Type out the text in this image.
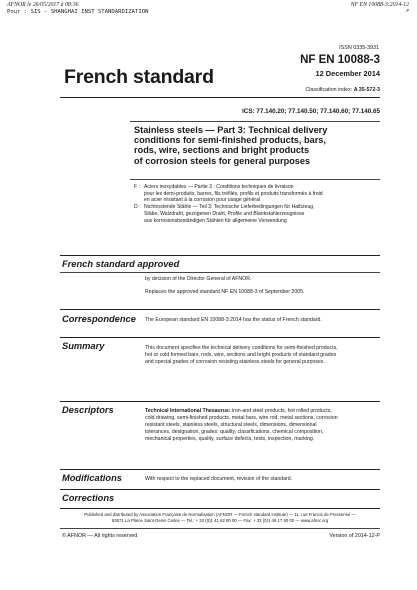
AFNOR le 26/05/2017 à 08:36	NF EN 10088-3:2014-12
P
Pour : SIS - SHANGHAI INST STANDARDIZATION
ISSN 0335-3931
French standard
NF EN 10088-3
12 December 2014
Classification index: A 35-572-3
ICS: 77.140.20; 77.140.50; 77.140.60; 77.140.65
Stainless steels — Part 3: Technical delivery
conditions for semi-finished products, bars,
rods, wire, sections and bright products
of corrosion steels for general purposes
F : Aciers inoxydables — Partie 3 : Conditions techniques de livraison
pour les demi-produits, barres, fils tréfilés, profils et produits transformés à froid
en acier résistant à la corrosion pour usage général
D : Nichtrostende Stähle — Teil 3: Technische Lieferbedingungen für Halbzeug,
Stäbe, Walzdraht, gezogenen Draht, Profile und Blankstahlerzeugnisse
aus korrosionsbeständigen Stählen für allgemeine Verwendung
French standard approved
by decision of the Director General of AFNOR.
Replaces the approved standard NF EN 10088-3 of September 2005.
Correspondence The European standard EN 10088-3:2014 has the status of French standard.
Summary	This document specifies the technical delivery conditions for semi-finished products,
hot or cold formed bars, rods, wire, sections and bright products of standard grades
and special grades of corrosion resisting stainless steels for general purposes.
Descriptors	Technical International Thesaurus: iron-and steel products, hot rolled products,
cold drawing, semi-finished products, metal bars, wire rod, metal sections, corrosion
resistant steels, stainless steels, structural steels, dimensions, dimensional
tolerances, designation, grades: quality, classifications, chemical composition,
mechanical properties, quality, surface defects, tests, inspection, marking.
Modifications	With respect to the replaced document, revision of the standard.
Corrections
Published and distributed by Association Française de Normalisation (AFNOR — French standard institute) — 11, rue Francis de Pressensé —
93571 La Plaine Saint-Denis Cedex — Tel.: + 33 (0)1 41 62 80 00 — Fax: + 33 (0)1 49 17 90 00 — www.afnor.org
© AFNOR — All rights reserved	Version of 2014-12-P
